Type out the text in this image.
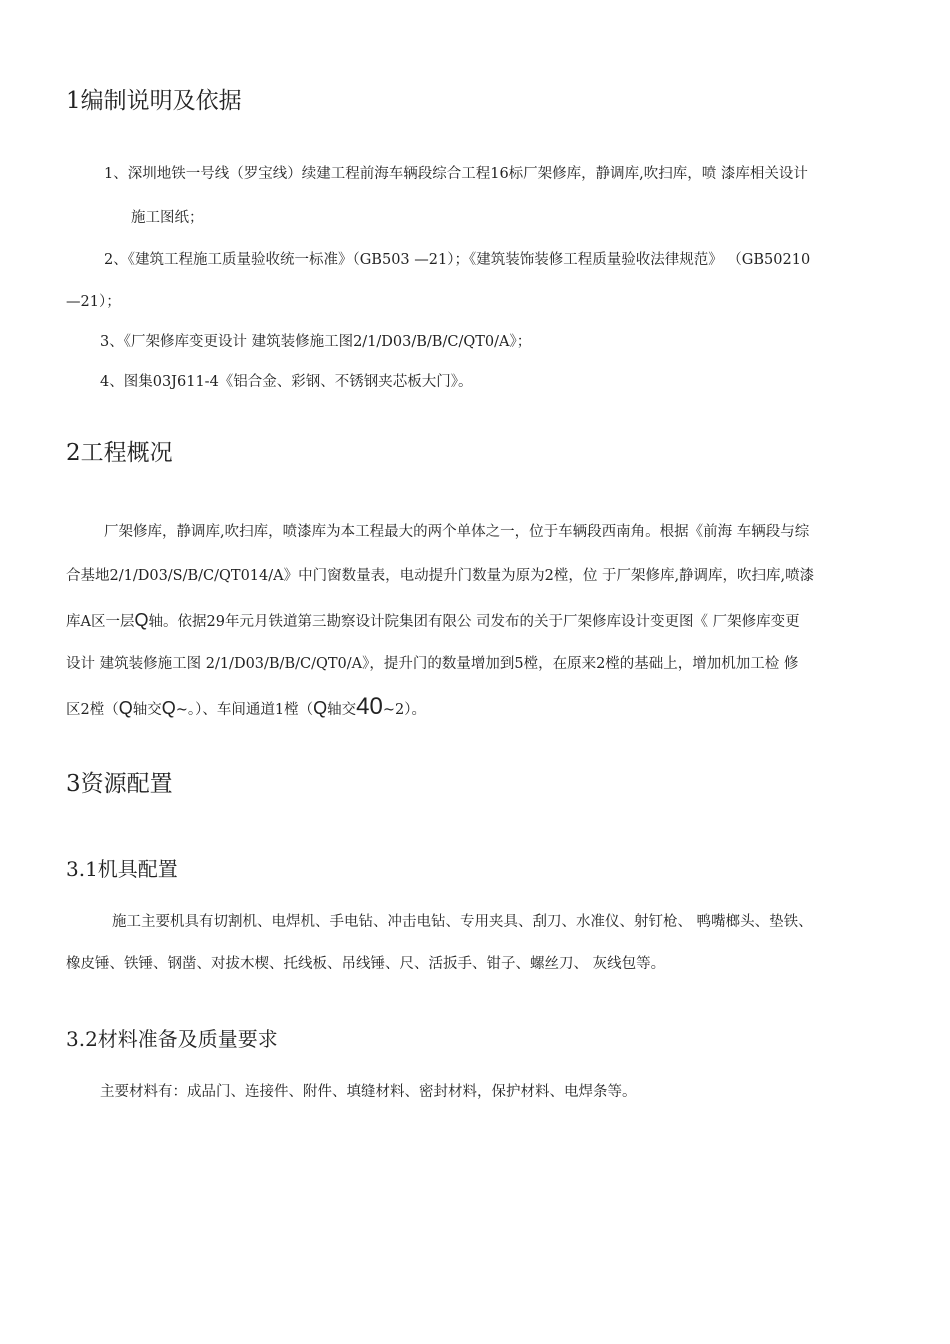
1编制说明及依据
1、深圳地铁一号线（罗宝线）续建工程前海车辆段综合工程16标厂架修库，静调库,吹扫库，喷 漆库相关设计
施工图纸；
2、《建筑工程施工质量验收统一标准》（GB503 —21）；《建筑装饰装修工程质量验收法律规范》 （GB50210
—21）；
3、《厂架修库变更设计 建筑装修施工图2/1/D03/B/B/C/QT0/A》；
4、图集03J611-4《铝合金、彩钢、不锈钢夹芯板大门》。
2工程概况
厂架修库，静调库,吹扫库，喷漆库为本工程最大的两个单体之一，位于车辆段西南角。根据《前海 车辆段与综
合基地2/1/D03/S/B/C/QT014/A》中门窗数量表，电动提升门数量为原为2樘，位 于厂架修库,静调库，吹扫库,喷漆
库A区一层Q轴。依据29年元月铁道第三勘察设计院集团有限公 司发布的关于厂架修库设计变更图《 厂架修库变更
设计 建筑装修施工图 2/1/D03/B/B/C/QT0/A》，提升门的数量增加到5樘，在原来2樘的基础上，增加机加工检 修
区2樘（Q轴交Q~。）、车间通道1樘（Q轴交40~2）。
3资源配置
3.1机具配置
施工主要机具有切割机、电焊机、手电钻、冲击电钻、专用夹具、刮刀、水准仪、射钉枪、 鸭嘴榔头、垫铁、
橡皮锤、铁锤、钢凿、对拔木楔、托线板、吊线锤、尺、活扳手、钳子、螺丝刀、 灰线包等。
3.2材料准备及质量要求
主要材料有：成品门、连接件、附件、填缝材料、密封材料，保护材料、电焊条等。
